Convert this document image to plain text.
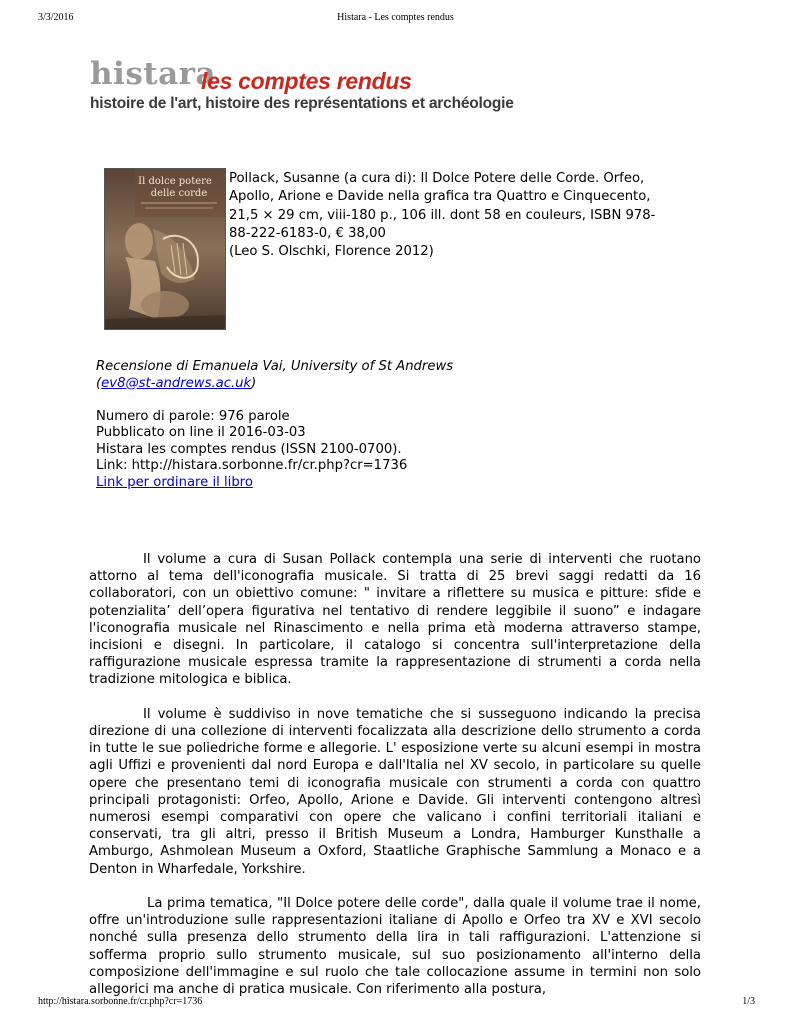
3/3/2016	Histara - Les comptes rendus
histara
les comptes rendus
histoire de l'art, histoire des représentations et archéologie
Il dolce potere
delle corde
Pollack, Susanne (a cura di): Il Dolce Potere delle Corde. Orfeo,
Apollo, Arione e Davide nella grafica tra Quattro e Cinquecento,
21,5 × 29 cm, viii-180 p., 106 ill. dont 58 en couleurs, ISBN 978-
88-222-6183-0, € 38,00
(Leo S. Olschki, Florence 2012)
Recensione di Emanuela Vai, University of St Andrews
(ev8@st-andrews.ac.uk)
Numero di parole: 976 parole
Pubblicato on line il 2016-03-03
Histara les comptes rendus (ISSN 2100-0700).
Link: http://histara.sorbonne.fr/cr.php?cr=1736
Link per ordinare il libro

Il volume a cura di Susan Pollack contempla una serie di interventi che ruotano attorno al tema dell'iconografia musicale. Si tratta di 25 brevi saggi redatti da 16 collaboratori, con un obiettivo comune: " invitare a riflettere su musica e pitture: sfide e potenzialita’ dell’opera figurativa nel tentativo di rendere leggibile il suono” e indagare l'iconografia musicale nel Rinascimento e nella prima età moderna attraverso stampe, incisioni e disegni. In particolare, il catalogo si concentra sull'interpretazione della raffigurazione musicale espressa tramite la rappresentazione di strumenti a corda nella tradizione mitologica e biblica.

Il volume è suddiviso in nove tematiche che si susseguono indicando la precisa direzione di una collezione di interventi focalizzata alla descrizione dello strumento a corda in tutte le sue poliedriche forme e allegorie. L' esposizione verte su alcuni esempi in mostra agli Uffizi e provenienti dal nord Europa e dall'Italia nel XV secolo, in particolare su quelle opere che presentano temi di iconografia musicale con strumenti a corda con quattro principali protagonisti: Orfeo, Apollo, Arione e Davide. Gli interventi contengono altresì numerosi esempi comparativi con opere che valicano i confini territoriali italiani e conservati, tra gli altri, presso il British Museum a Londra, Hamburger Kunsthalle a Amburgo, Ashmolean Museum a Oxford, Staatliche Graphische Sammlung a Monaco e a Denton in Wharfedale, Yorkshire.

La prima tematica, "Il Dolce potere delle corde", dalla quale il volume trae il nome, offre un'introduzione sulle rappresentazioni italiane di Apollo e Orfeo tra XV e XVI secolo nonché sulla presenza dello strumento della lira in tali raffigurazioni. L'attenzione si sofferma proprio sullo strumento musicale, sul suo posizionamento all'interno della composizione dell'immagine e sul ruolo che tale collocazione assume in termini non solo allegorici ma anche di pratica musicale. Con riferimento alla postura,

http://histara.sorbonne.fr/cr.php?cr=1736	1/3
